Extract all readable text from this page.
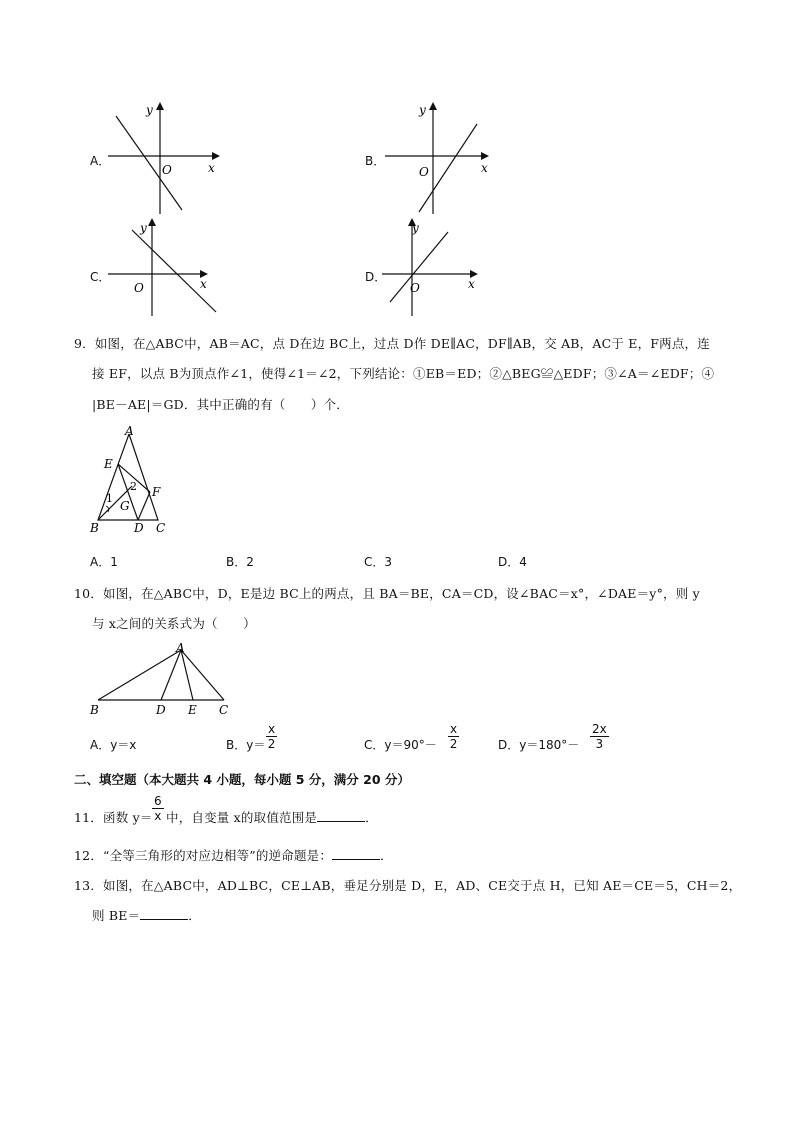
A．
y
x
O
B．
y
x
O
C．
y
x
O
D．
y
x
O
9．如图，在△ABC中，AB＝AC，点 D在边 BC上，过点 D作 DE∥AC，DF∥AB，交 AB，AC于 E，F两点，连
接 EF，以点 B为顶点作∠1，使得∠1＝∠2，下列结论：①EB＝ED；②△BEG≌△EDF；③∠A＝∠EDF；④
|BE－AE|＝GD．其中正确的有（　　）个．
A
E
F
B	D C
G
1
2
A．1	B．2	C．3	D．4
10．如图，在△ABC中，D，E是边 BC上的两点，且 BA＝BE，CA＝CD，设∠BAC＝x°，∠DAE＝y°，则 y
与 x之间的关系式为（　　）
A
B	D E C
A．y＝x	B．$y= \frac{x}{2}$	C．$y=90^\circ- \frac{x}{2}$	D．$y=180^\circ- \frac{2x}{3}$
二、填空题（本大题共 4 小题，每小题 5 分，满分 20 分）
11．函数 $y= \frac{6}{x}$ 中，自变量 x的取值范围是	．
12．“全等三角形的对应边相等”的逆命题是：	．
13．如图，在△ABC中，AD⊥BC，CE⊥AB，垂足分别是 D，E，AD、CE交于点 H，已知 AE＝CE＝5，CH＝2，
则 BE＝	．
